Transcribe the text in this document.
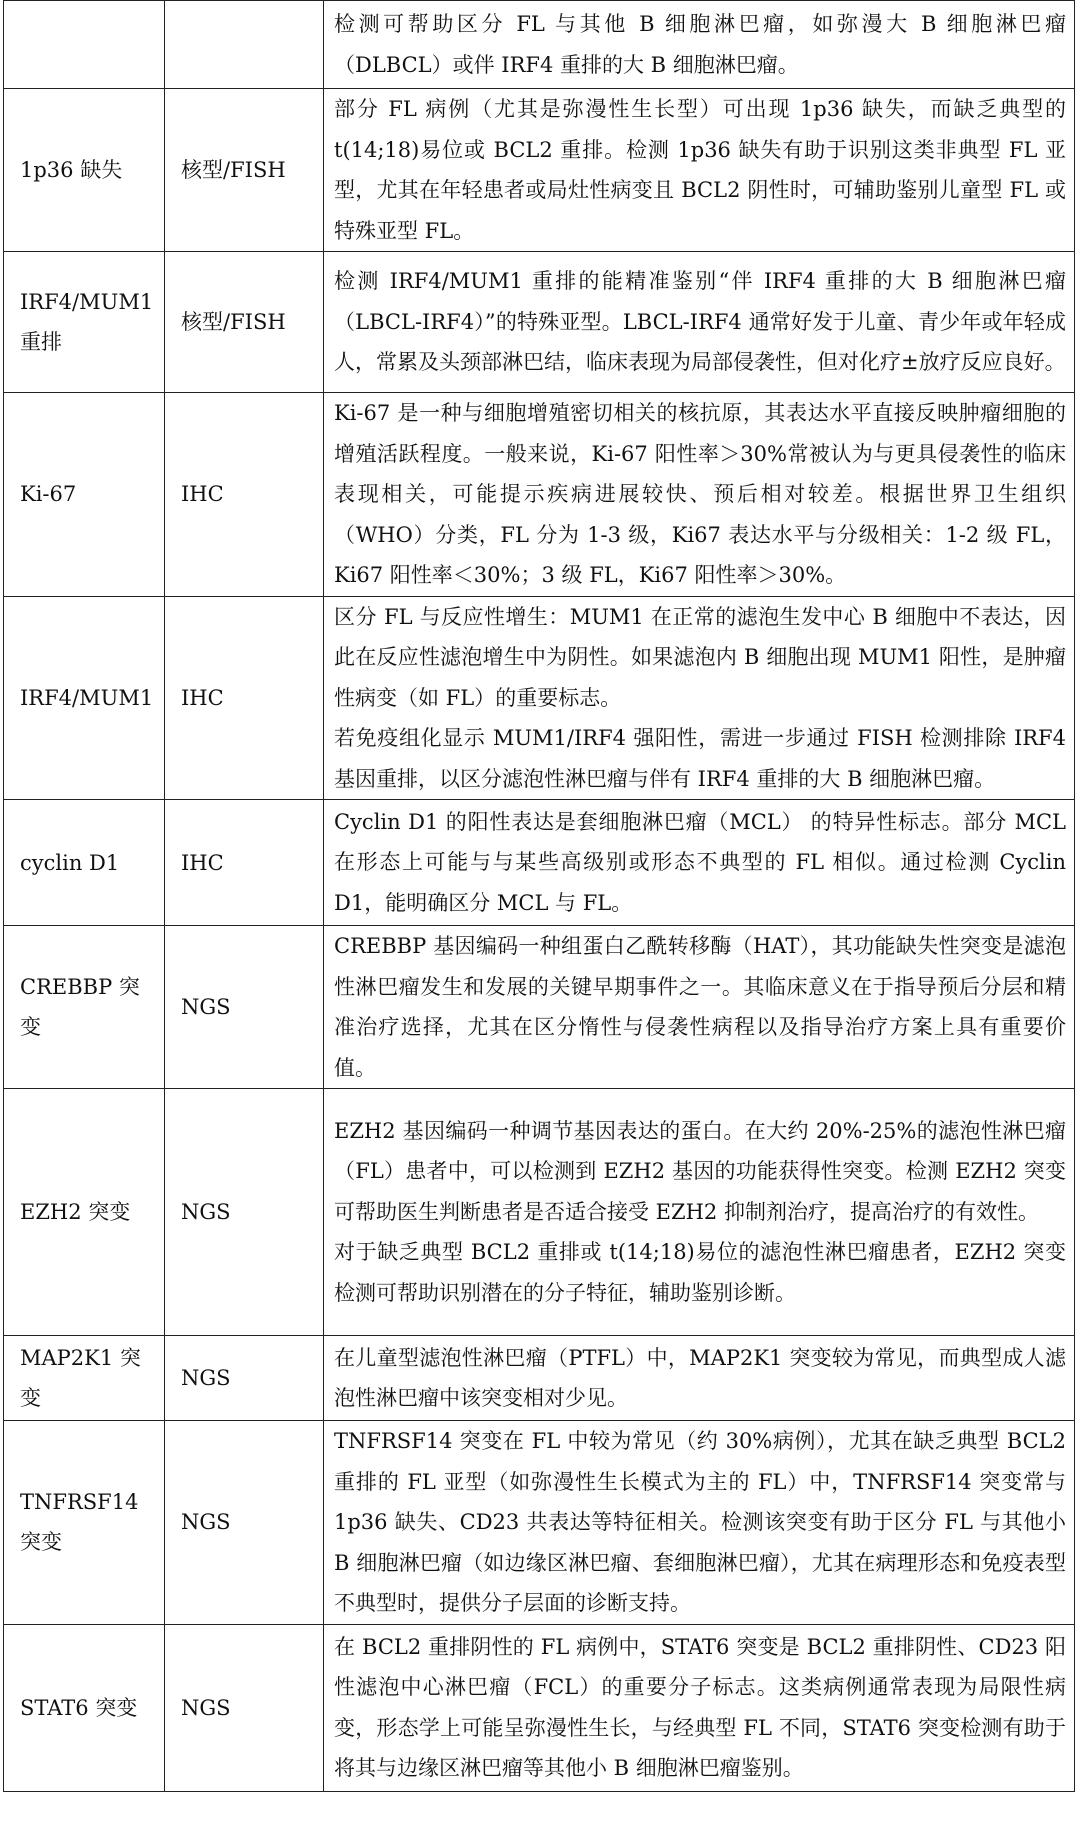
		检测可帮助区分 FL 与其他 B 细胞淋巴瘤，如弥漫大 B 细胞淋巴瘤（DLBCL）或伴 IRF4 重排的大 B 细胞淋巴瘤。

1p36 缺失	核型/FISH	部分 FL 病例（尤其是弥漫性生长型）可出现 1p36 缺失，而缺乏典型的 t(14;18)易位或 BCL2 重排。检测 1p36 缺失有助于识别这类非典型 FL 亚型，尤其在年轻患者或局灶性病变且 BCL2 阴性时，可辅助鉴别儿童型 FL 或特殊亚型 FL。

IRF4/MUM1 重排	核型/FISH	检测 IRF4/MUM1 重排的能精准鉴别“伴 IRF4 重排的大 B 细胞淋巴瘤（LBCL-IRF4）”的特殊亚型。LBCL-IRF4 通常好发于儿童、青少年或年轻成人，常累及头颈部淋巴结，临床表现为局部侵袭性，但对化疗±放疗反应良好。

Ki-67	IHC	Ki-67 是一种与细胞增殖密切相关的核抗原，其表达水平直接反映肿瘤细胞的增殖活跃程度。一般来说，Ki-67 阳性率＞30%常被认为与更具侵袭性的临床表现相关，可能提示疾病进展较快、预后相对较差。根据世界卫生组织（WHO）分类，FL 分为 1-3 级，Ki67 表达水平与分级相关：1-2 级 FL，Ki67 阳性率＜30%；3 级 FL，Ki67 阳性率＞30%。

IRF4/MUM1	IHC	区分 FL 与反应性增生：MUM1 在正常的滤泡生发中心 B 细胞中不表达，因此在反应性滤泡增生中为阴性。如果滤泡内 B 细胞出现 MUM1 阳性，是肿瘤性病变（如 FL）的重要标志。

若免疫组化显示 MUM1/IRF4 强阳性，需进一步通过 FISH 检测排除 IRF4 基因重排，以区分滤泡性淋巴瘤与伴有 IRF4 重排的大 B 细胞淋巴瘤。

cyclin D1	IHC	Cyclin D1 的阳性表达是套细胞淋巴瘤（MCL） 的特异性标志。部分 MCL 在形态上可能与与某些高级别或形态不典型的 FL 相似。通过检测 Cyclin D1，能明确区分 MCL 与 FL。

CREBBP 突变	NGS	CREBBP 基因编码一种组蛋白乙酰转移酶（HAT），其功能缺失性突变是滤泡性淋巴瘤发生和发展的关键早期事件之一。其临床意义在于指导预后分层和精准治疗选择，尤其在区分惰性与侵袭性病程以及指导治疗方案上具有重要价值。

EZH2 突变	NGS	EZH2 基因编码一种调节基因表达的蛋白。在大约 20%-25%的滤泡性淋巴瘤（FL）患者中，可以检测到 EZH2 基因的功能获得性突变。检测 EZH2 突变可帮助医生判断患者是否适合接受 EZH2 抑制剂治疗，提高治疗的有效性。

对于缺乏典型 BCL2 重排或 t(14;18)易位的滤泡性淋巴瘤患者，EZH2 突变检测可帮助识别潜在的分子特征，辅助鉴别诊断。

MAP2K1 突变	NGS	在儿童型滤泡性淋巴瘤（PTFL）中，MAP2K1 突变较为常见，而典型成人滤泡性淋巴瘤中该突变相对少见。

TNFRSF14 突变	NGS	TNFRSF14 突变在 FL 中较为常见（约 30%病例），尤其在缺乏典型 BCL2 重排的 FL 亚型（如弥漫性生长模式为主的 FL）中，TNFRSF14 突变常与 1p36 缺失、CD23 共表达等特征相关。检测该突变有助于区分 FL 与其他小 B 细胞淋巴瘤（如边缘区淋巴瘤、套细胞淋巴瘤），尤其在病理形态和免疫表型不典型时，提供分子层面的诊断支持。

STAT6 突变	NGS	在 BCL2 重排阴性的 FL 病例中，STAT6 突变是 BCL2 重排阴性、CD23 阳性滤泡中心淋巴瘤（FCL）的重要分子标志。这类病例通常表现为局限性病变，形态学上可能呈弥漫性生长，与经典型 FL 不同，STAT6 突变检测有助于将其与边缘区淋巴瘤等其他小 B 细胞淋巴瘤鉴别。
